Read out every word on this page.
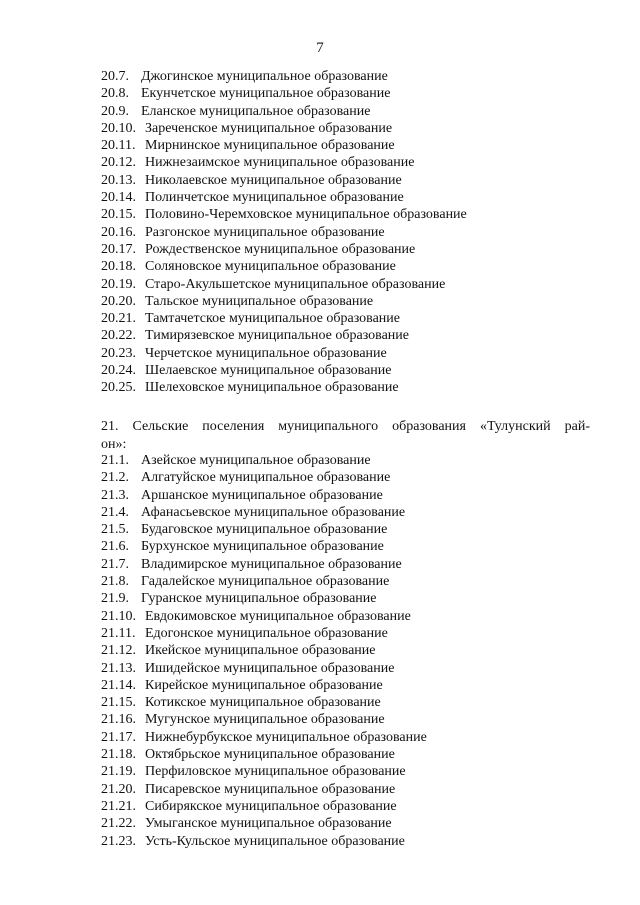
7
20.7. Джогинское муниципальное образование
20.8. Екунчетское муниципальное образование
20.9. Еланское муниципальное образование
20.10. Зареченское муниципальное образование
20.11. Мирнинское муниципальное образование
20.12. Нижнезаимское муниципальное образование
20.13. Николаевское муниципальное образование
20.14. Полинчетское муниципальное образование
20.15. Половино-Черемховское муниципальное образование
20.16. Разгонское муниципальное образование
20.17. Рождественское муниципальное образование
20.18. Соляновское муниципальное образование
20.19. Старо-Акульшетское муниципальное образование
20.20. Тальское муниципальное образование
20.21. Тамтачетское муниципальное образование
20.22. Тимирязевское муниципальное образование
20.23. Черчетское муниципальное образование
20.24. Шелаевское муниципальное образование
20.25. Шелеховское муниципальное образование
21. Сельские поселения муниципального образования «Тулунский рай-
он»:
21.1. Азейское муниципальное образование
21.2. Алгатуйское муниципальное образование
21.3. Аршанское муниципальное образование
21.4. Афанасьевское муниципальное образование
21.5. Будаговское муниципальное образование
21.6. Бурхунское муниципальное образование
21.7. Владимирское муниципальное образование
21.8. Гадалейское муниципальное образование
21.9. Гуранское муниципальное образование
21.10. Евдокимовское муниципальное образование
21.11. Едогонское муниципальное образование
21.12. Икейское муниципальное образование
21.13. Ишидейское муниципальное образование
21.14. Кирейское муниципальное образование
21.15. Котикское муниципальное образование
21.16. Мугунское муниципальное образование
21.17. Нижнебурбукское муниципальное образование
21.18. Октябрьское муниципальное образование
21.19. Перфиловское муниципальное образование
21.20. Писаревское муниципальное образование
21.21. Сибирякское муниципальное образование
21.22. Умыганское муниципальное образование
21.23. Усть-Кульское муниципальное образование
